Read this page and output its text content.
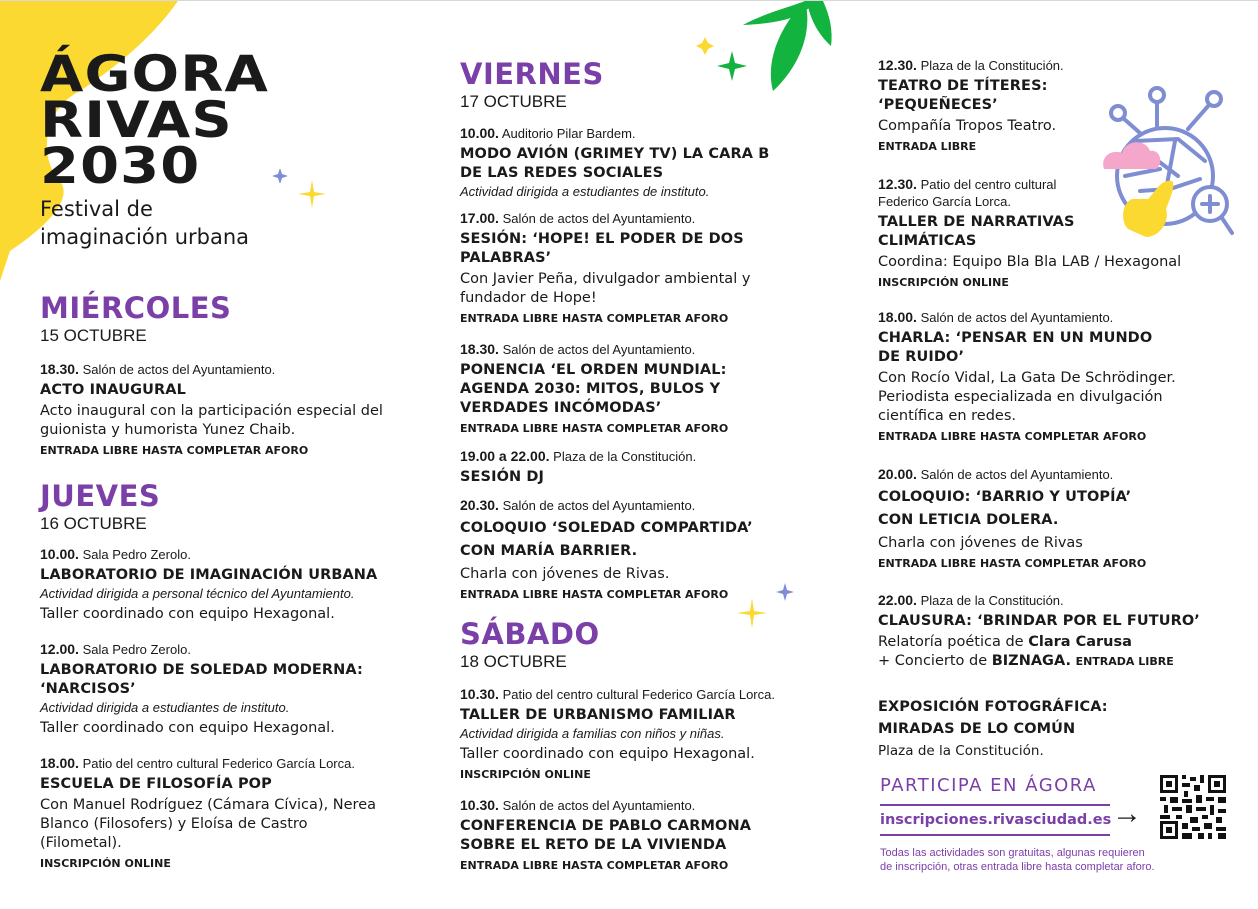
ÁGORA
RIVAS
2030
Festival de
imaginación urbana
MIÉRCOLES
15 OCTUBRE
18.30. Salón de actos del Ayuntamiento.
ACTO INAUGURAL
Acto inaugural con la participación especial del guionista y humorista Yunez Chaib.
ENTRADA LIBRE HASTA COMPLETAR AFORO
JUEVES
16 OCTUBRE
10.00. Sala Pedro Zerolo.
LABORATORIO DE IMAGINACIÓN URBANA
Actividad dirigida a personal técnico del Ayuntamiento.
Taller coordinado con equipo Hexagonal.
12.00. Sala Pedro Zerolo.
LABORATORIO DE SOLEDAD MODERNA: ‘NARCISOS’
Actividad dirigida a estudiantes de instituto.
Taller coordinado con equipo Hexagonal.
18.00. Patio del centro cultural Federico García Lorca.
ESCUELA DE FILOSOFÍA POP
Con Manuel Rodríguez (Cámara Cívica), Nerea Blanco (Filosofers) y Eloísa de Castro (Filometal).
INSCRIPCIÓN ONLINE
VIERNES
17 OCTUBRE
10.00. Auditorio Pilar Bardem.
MODO AVIÓN (GRIMEY TV) LA CARA B DE LAS REDES SOCIALES
Actividad dirigida a estudiantes de instituto.
17.00. Salón de actos del Ayuntamiento.
SESIÓN: ‘HOPE! EL PODER DE DOS PALABRAS’
Con Javier Peña, divulgador ambiental y fundador de Hope!
ENTRADA LIBRE HASTA COMPLETAR AFORO
18.30. Salón de actos del Ayuntamiento.
PONENCIA ‘EL ORDEN MUNDIAL: AGENDA 2030: MITOS, BULOS Y VERDADES INCÓMODAS’
ENTRADA LIBRE HASTA COMPLETAR AFORO
19.00 a 22.00. Plaza de la Constitución.
SESIÓN DJ
20.30. Salón de actos del Ayuntamiento.
COLOQUIO ‘SOLEDAD COMPARTIDA’ CON MARÍA BARRIER.
Charla con jóvenes de Rivas.
ENTRADA LIBRE HASTA COMPLETAR AFORO
SÁBADO
18 OCTUBRE
10.30. Patio del centro cultural Federico García Lorca.
TALLER DE URBANISMO FAMILIAR
Actividad dirigida a familias con niños y niñas.
Taller coordinado con equipo Hexagonal.
INSCRIPCIÓN ONLINE
10.30. Salón de actos del Ayuntamiento.
CONFERENCIA DE PABLO CARMONA SOBRE EL RETO DE LA VIVIENDA
ENTRADA LIBRE HASTA COMPLETAR AFORO
12.30. Plaza de la Constitución.
TEATRO DE TÍTERES: ‘PEQUEÑECES’
Compañía Tropos Teatro.
ENTRADA LIBRE
12.30. Patio del centro cultural Federico García Lorca.
TALLER DE NARRATIVAS CLIMÁTICAS
Coordina: Equipo Bla Bla LAB / Hexagonal
INSCRIPCIÓN ONLINE
18.00. Salón de actos del Ayuntamiento.
CHARLA: ‘PENSAR EN UN MUNDO DE RUIDO’
Con Rocío Vidal, La Gata De Schrödinger. Periodista especializada en divulgación científica en redes.
ENTRADA LIBRE HASTA COMPLETAR AFORO
20.00. Salón de actos del Ayuntamiento.
COLOQUIO: ‘BARRIO Y UTOPÍA’ CON LETICIA DOLERA.
Charla con jóvenes de Rivas
ENTRADA LIBRE HASTA COMPLETAR AFORO
22.00. Plaza de la Constitución.
CLAUSURA: ‘BRINDAR POR EL FUTURO’
Relatoría poética de Clara Carusa
+ Concierto de BIZNAGA. ENTRADA LIBRE
EXPOSICIÓN FOTOGRÁFICA:
MIRADAS DE LO COMÚN
Plaza de la Constitución.
PARTICIPA EN ÁGORA
inscripciones.rivasciudad.es →
Todas las actividades son gratuitas, algunas requieren
de inscripción, otras entrada libre hasta completar aforo.
